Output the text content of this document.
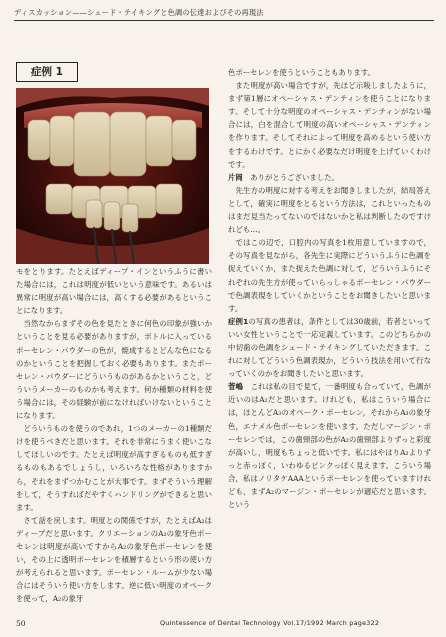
ディスカッション——シェード・テイキングと色調の伝達およびその再現法
症例 1

モをとります。たとえばディープ・インというふうに書いた場合には，これは明度が低いという意味です。あるいは異常に明度が高い場合には，高くする必要があるということになります。

当然なからまずその色を見たときに何色の印象が強いかということを見る必要がありますが，ボトルに入っているポーセレン・パウダーの色が，焼成するとどんな色になるのかということを把握しておく必要もあります。またポーセレン・パウダーにどういうものがあるかということ，どういうメーカーのものかも考えます。何か種類の材料を使う場合には，その経験が前になければいけないということになります。

どういうものを使うのであれ，1つのメーカーの1種類だけを使うべきだと思います。それを非常にうまく使いこなしてほしいのです。たとえば明度が高すぎるものも低すぎるものもあるでしょうし，いろいろな性格がありますから，それをまずつかむことが大事です。まずそういう理解をして，そうすればだやすくハンドリングができると思います。

さて話を戻します。明度との関係ですが，たとえばA₂はディープだと思います。クリエーションのA₂の象牙色ポーセレンは明度が高いですからA₂の象牙色ポーセレンを使い，その上に透明ポーセレンを積層するという形の使い方が考えられると思います。ポーセレン・ルームが少ない場合にはそういう使い方をします。逆に低い明度のオペークを使って，A₂の象牙

色ポーセレンを使うということもあります。

また明度が高い場合ですが，先ほど示唆しましたように，まず第1層にオペーシャス・デンティンを使うことになります。そして十分な明度のオペーシャス・デンティンがない場合には，白を混合して明度の高いオペーシャス・デンティンを作ります。そしてそれによって明度を高めるという使い方をするわけです。とにかく必要なだけ明度を上げていくわけです。

片岡　 ありがとうございました。

先生方の明度に対する考えをお聞きしましたが，結局答えとして，確実に明度をとるという方法は，これといったものはまだ見当たってないのではないかと私は判断したのですけれども…。

ではこの辺で，口腔内の写真を1枚用意していますので，その写真を見ながら，各先生に実際にどういうふうに色調を捉えていくか，また捉えた色調に対して，どういうふうにそれぞれの先生方が使っていらっしゃるポーセレン・パウダーで色調表現をしていくかということをお聞きしたいと思います。

症例1の写真の患者は，条件としては30歳前，若者といっていい女性ということで一応定義しています。このどちらかの中切歯の色調をシェード・テイキングしていただきます。これに対してどういう色調表現か，どういう技法を用いて行なっていくのかをお聞きしたいと思います。

菅嶋　 これは私の目で見て，一番明度も合っていて，色調が近いのはA₂だと思います。けれども，私はこういう場合には，ほとんどA₃のオペーク・ポーセレン，それからA₃の象牙色，エナメル色ポーセレンを使います。ただしマージン・ポーセレンでは，この歯頸部の色がA₂の歯頸部よりずっと彩度が高いし，明度もちょっと低いです。私にはやはりA₂よりずっと赤っぽく，いわゆるピンクっぽく見えます。こういう場合，私はノリタケAAAというポーセレンを使っていますけれども，まずA₂のマージン・ポーセレンが適応だと思います。という

50	Quintessence of Dental Technology Vol.17/1992 March page322
